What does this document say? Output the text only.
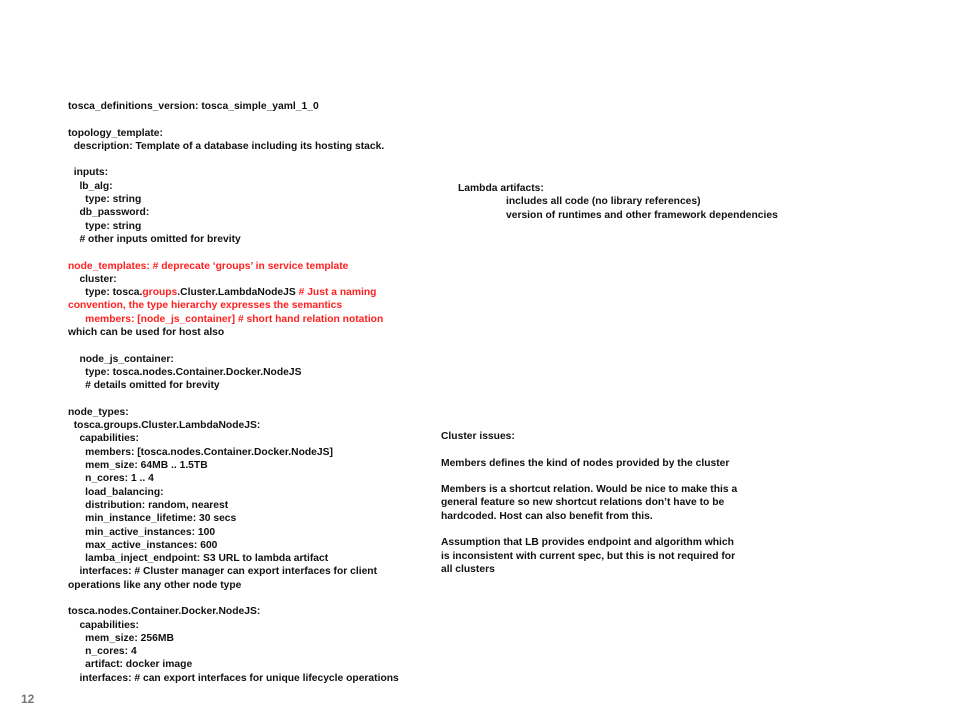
tosca_definitions_version: tosca_simple_yaml_1_0
topology_template:
description: Template of a database including its hosting stack.
inputs:
lb_alg:
type: string
db_password:
type: string
# other inputs omitted for brevity
node_templates: # deprecate ‘groups’ in service template
cluster:
type: tosca.groups.Cluster.LambdaNodeJS # Just a naming
convention, the type hierarchy expresses the semantics
members: [node_js_container] # short hand relation notation
which can be used for host also
node_js_container:
type: tosca.nodes.Container.Docker.NodeJS
# details omitted for brevity
node_types:
tosca.groups.Cluster.LambdaNodeJS:
capabilities:
members: [tosca.nodes.Container.Docker.NodeJS]
mem_size: 64MB .. 1.5TB
n_cores: 1 .. 4
load_balancing:
distribution: random, nearest
min_instance_lifetime: 30 secs
min_active_instances: 100
max_active_instances: 600
lamba_inject_endpoint: S3 URL to lambda artifact
interfaces: # Cluster manager can export interfaces for client
operations like any other node type
tosca.nodes.Container.Docker.NodeJS:
capabilities:
mem_size: 256MB
n_cores: 4
artifact: docker image
interfaces: # can export interfaces for unique lifecycle operations
Lambda artifacts:
includes all code (no library references)
version of runtimes and other framework dependencies

Cluster issues:

Members defines the kind of nodes provided by the cluster

Members is a shortcut relation. Would be nice to make this a general feature so new shortcut relations don’t have to be hardcoded. Host can also benefit from this.

Assumption that LB provides endpoint and algorithm which is inconsistent with current spec, but this is not required for all clusters

12
